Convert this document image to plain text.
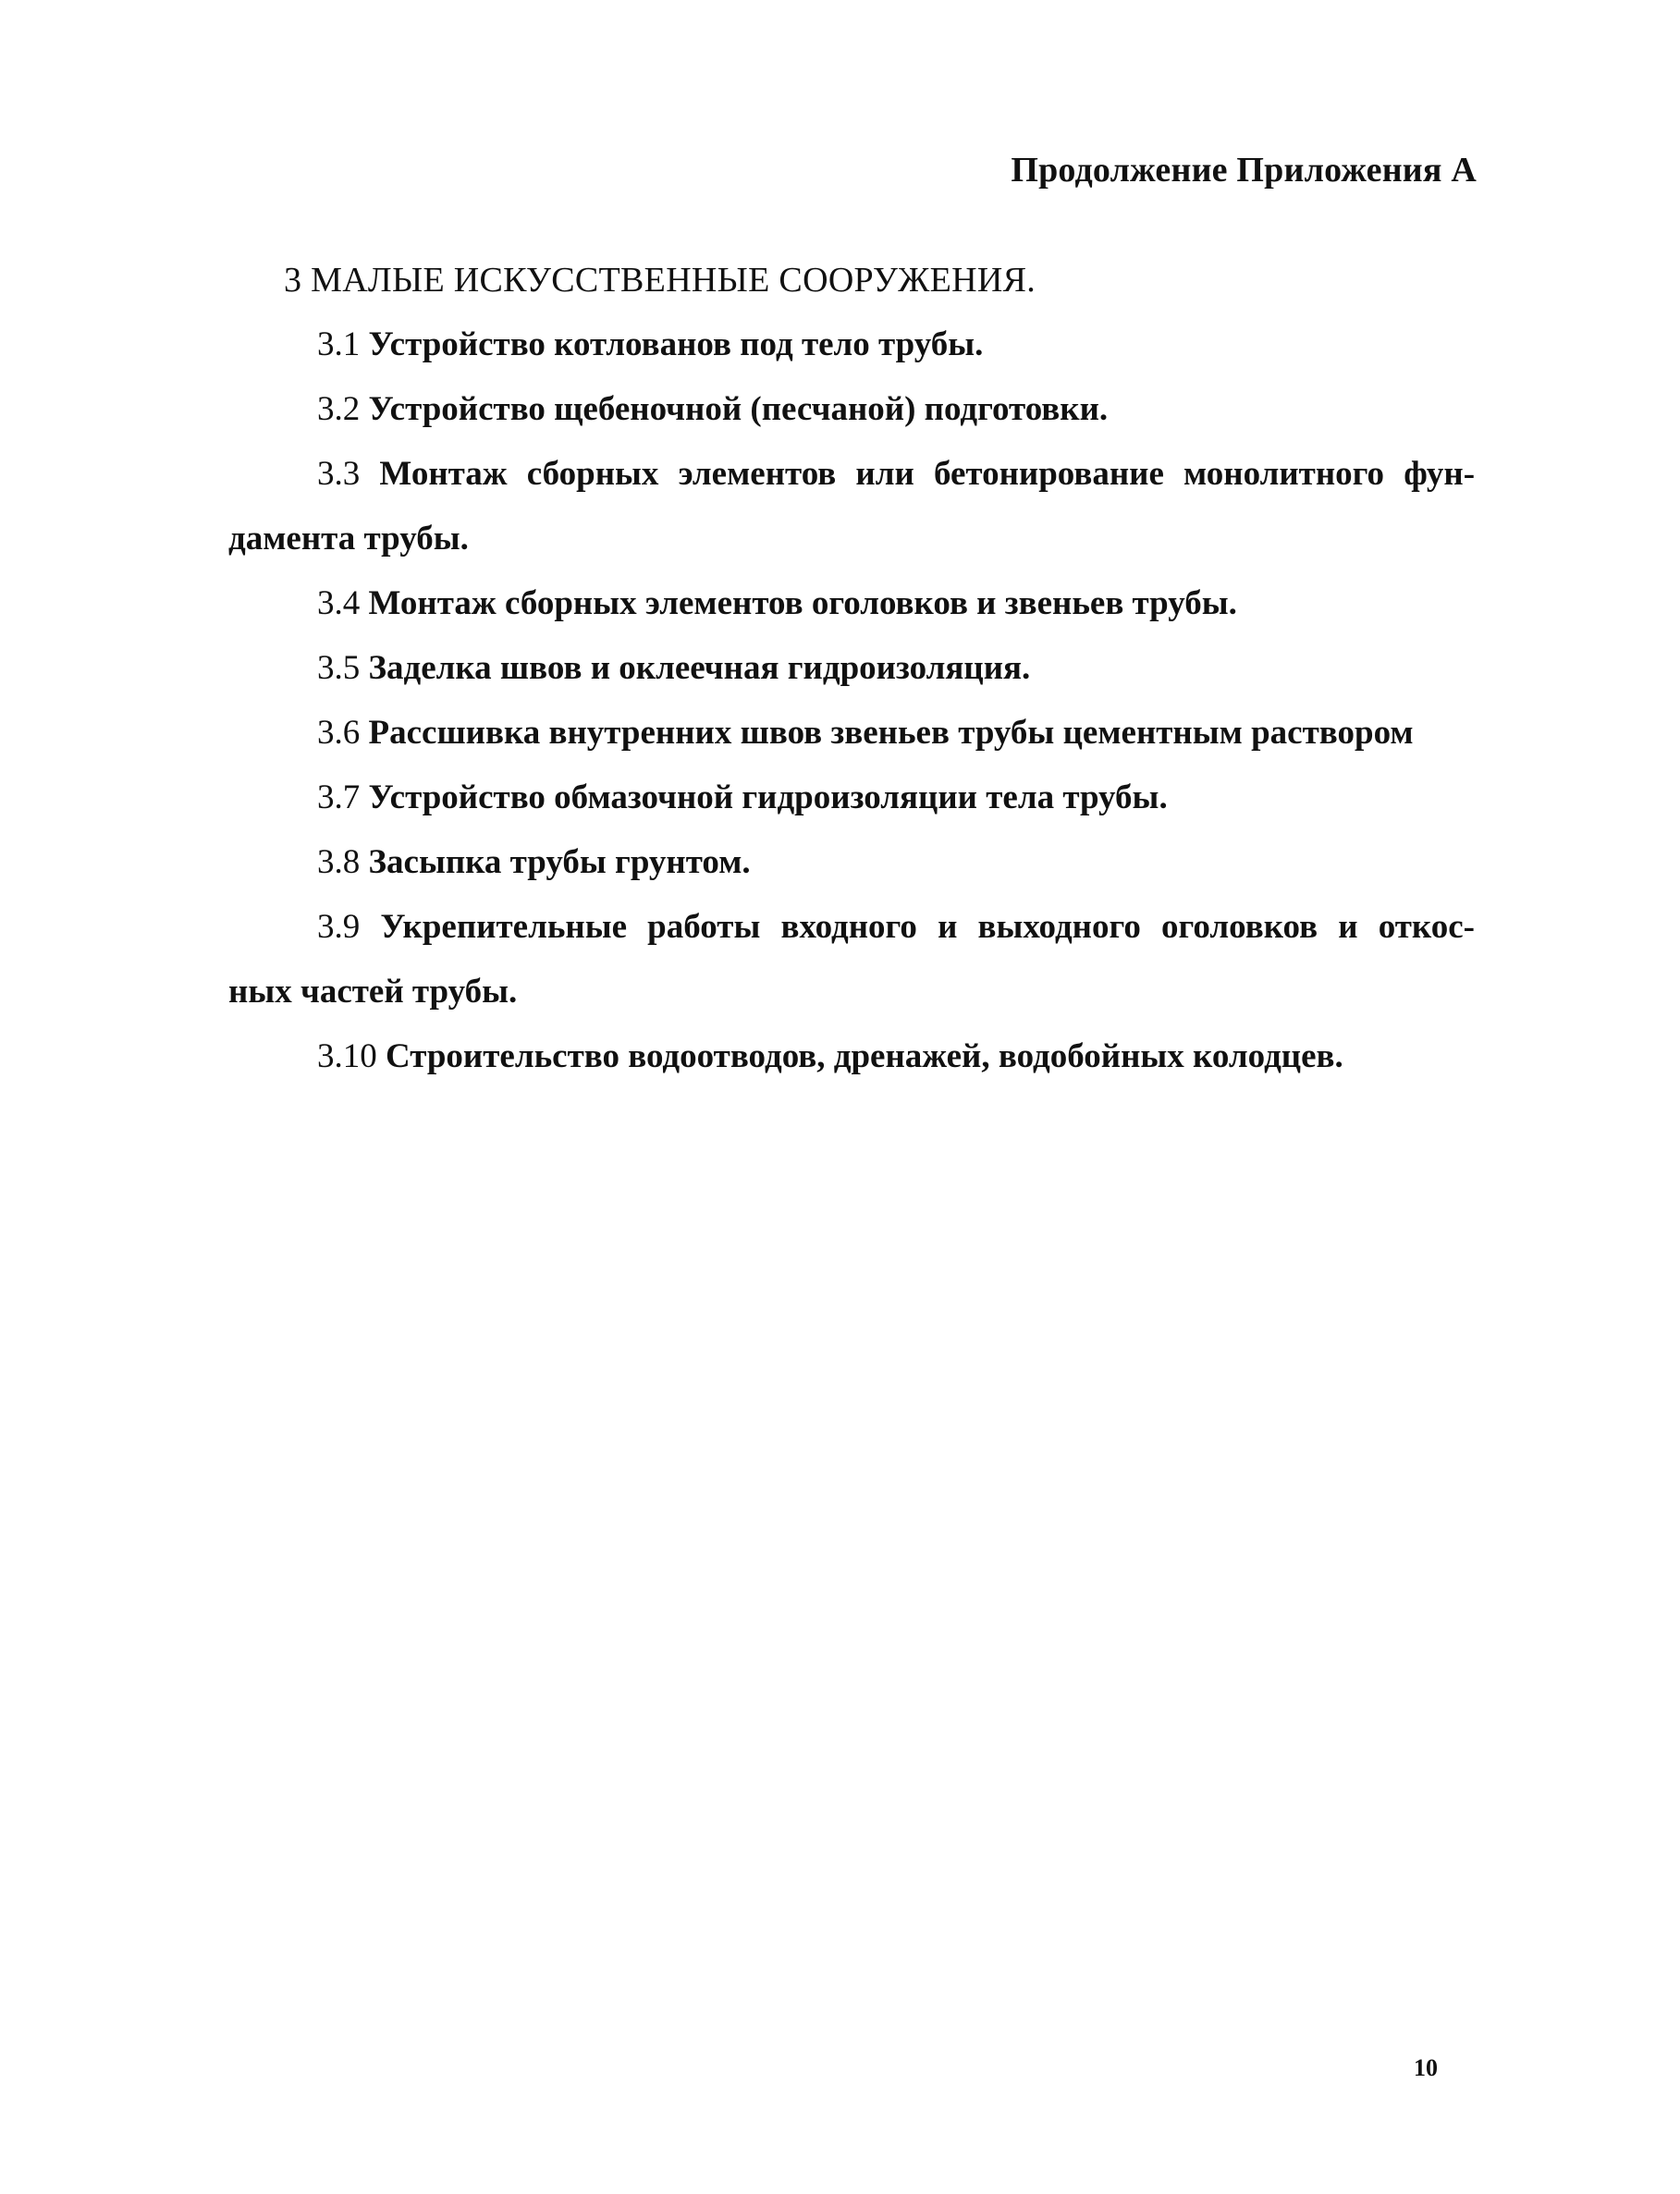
Продолжение Приложения А
3 МАЛЫЕ ИСКУССТВЕННЫЕ СООРУЖЕНИЯ.
3.1 Устройство котлованов под тело трубы.
3.2 Устройство щебеночной (песчаной) подготовки.
3.3 Монтаж сборных элементов или бетонирование монолитного фун-
дамента трубы.
3.4 Монтаж сборных элементов оголовков и звеньев трубы.
3.5 Заделка швов и оклеечная гидроизоляция.
3.6 Рассшивка внутренних швов звеньев трубы цементным раствором
3.7 Устройство обмазочной гидроизоляции тела трубы.
3.8 Засыпка трубы грунтом.
3.9 Укрепительные работы входного и выходного оголовков и откос-
ных частей трубы.
3.10 Строительство водоотводов, дренажей, водобойных колодцев.
10
